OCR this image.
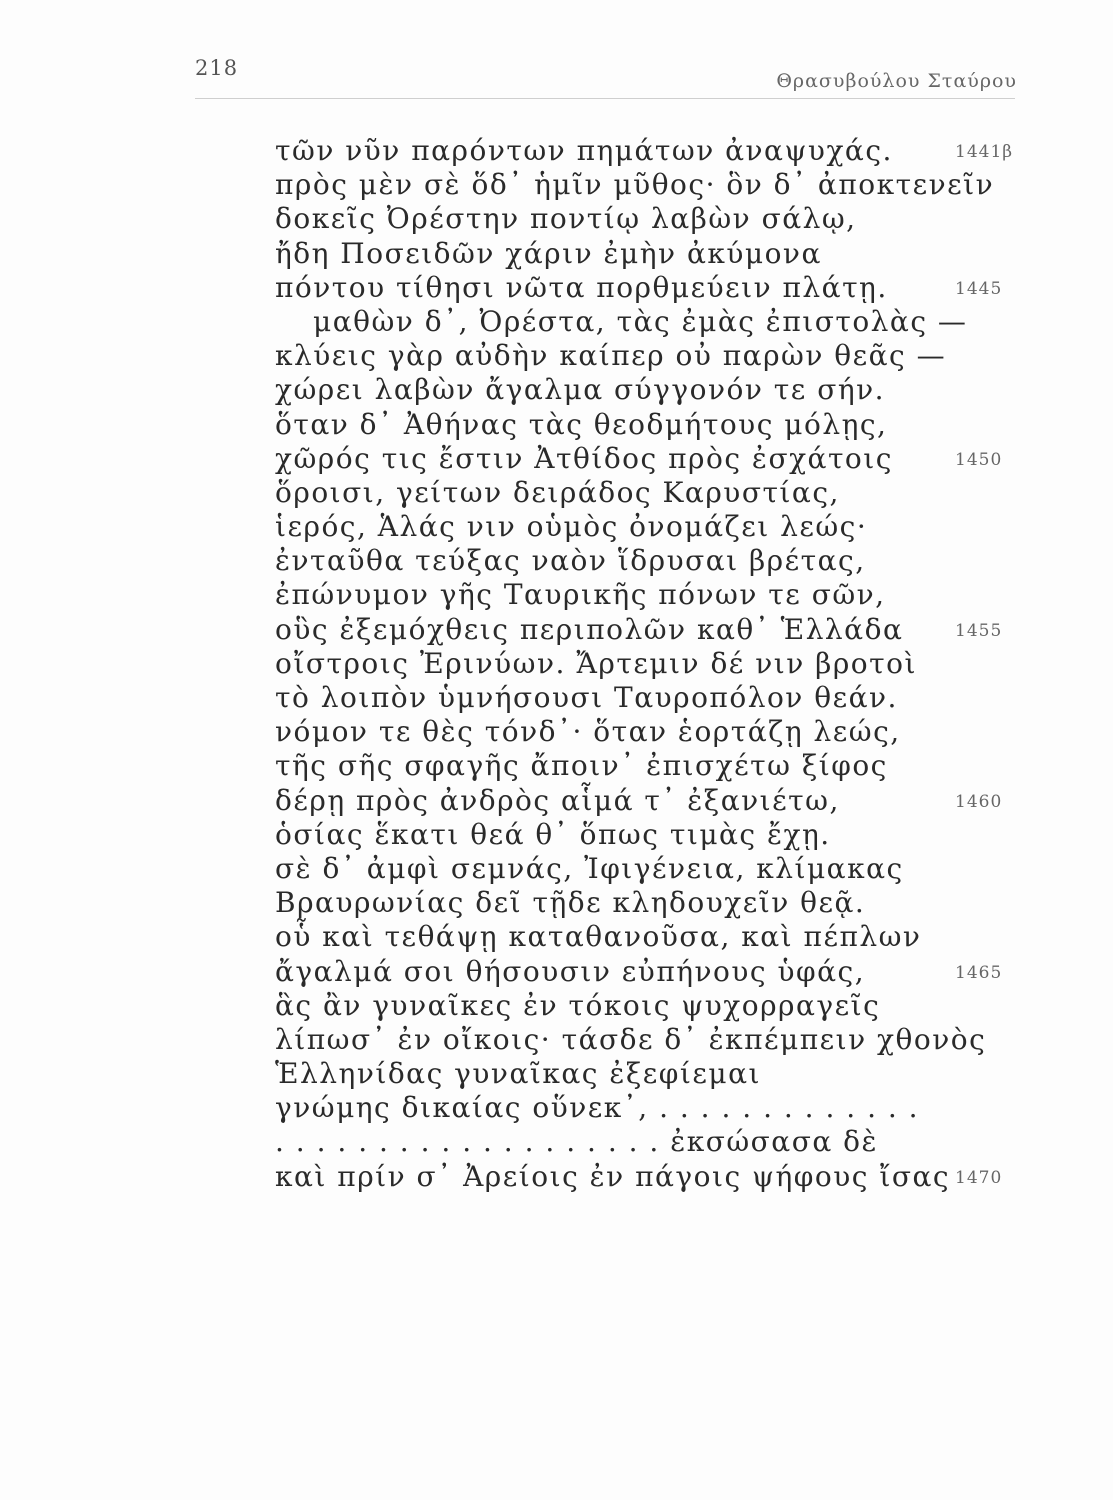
218
Θρασυβούλου Σταύρου
τῶν νῦν παρόντων πημάτων ἀναψυχάς.	1441β
πρὸς μὲν σὲ ὅδ᾽ ἡμῖν μῦθος· ὃν δ᾽ ἀποκτενεῖν
δοκεῖς Ὀρέστην ποντίῳ λαβὼν σάλῳ,
ἤδη Ποσειδῶν χάριν ἐμὴν ἀκύμονα
πόντου τίθησι νῶτα πορθμεύειν πλάτῃ.	1445
μαθὼν δ᾽, Ὀρέστα, τὰς ἐμὰς ἐπιστολὰς —
κλύεις γὰρ αὐδὴν καίπερ οὐ παρὼν θεᾶς —
χώρει λαβὼν ἄγαλμα σύγγονόν τε σήν.
ὅταν δ᾽ Ἀθήνας τὰς θεοδμήτους μόλῃς,
χῶρός τις ἔστιν Ἀτθίδος πρὸς ἐσχάτοις	1450
ὅροισι, γείτων δειράδος Καρυστίας,
ἱερός, Ἁλάς νιν οὑμὸς ὀνομάζει λεώς·
ἐνταῦθα τεύξας ναὸν ἵδρυσαι βρέτας,
ἐπώνυμον γῆς Ταυρικῆς πόνων τε σῶν,
οὓς ἐξεμόχθεις περιπολῶν καθ᾽ Ἑλλάδα	1455
οἴστροις Ἐρινύων. Ἄρτεμιν δέ νιν βροτοὶ
τὸ λοιπὸν ὑμνήσουσι Ταυροπόλον θεάν.
νόμον τε θὲς τόνδ᾽· ὅταν ἑορτάζῃ λεώς,
τῆς σῆς σφαγῆς ἄποιν᾽ ἐπισχέτω ξίφος
δέρῃ πρὸς ἀνδρὸς αἷμά τ᾽ ἐξανιέτω,	1460
ὁσίας ἕκατι θεά θ᾽ ὅπως τιμὰς ἔχῃ.
σὲ δ᾽ ἀμφὶ σεμνάς, Ἰφιγένεια, κλίμακας
Βραυρωνίας δεῖ τῇδε κληδουχεῖν θεᾷ.
οὗ καὶ τεθάψῃ καταθανοῦσα, καὶ πέπλων
ἄγαλμά σοι θήσουσιν εὐπήνους ὑφάς,	1465
ἃς ἂν γυναῖκες ἐν τόκοις ψυχορραγεῖς
λίπωσ᾽ ἐν οἴκοις· τάσδε δ᾽ ἐκπέμπειν χθονὸς
Ἑλληνίδας γυναῖκας ἐξεφίεμαι
γνώμης δικαίας οὕνεκ᾽, . . . . . . . . . . . . .
. . . . . . . . . . . . . . . . . . . ἐκσώσασα δὲ
καὶ πρίν σ᾽ Ἀρείοις ἐν πάγοις ψήφους ἴσας 1470
